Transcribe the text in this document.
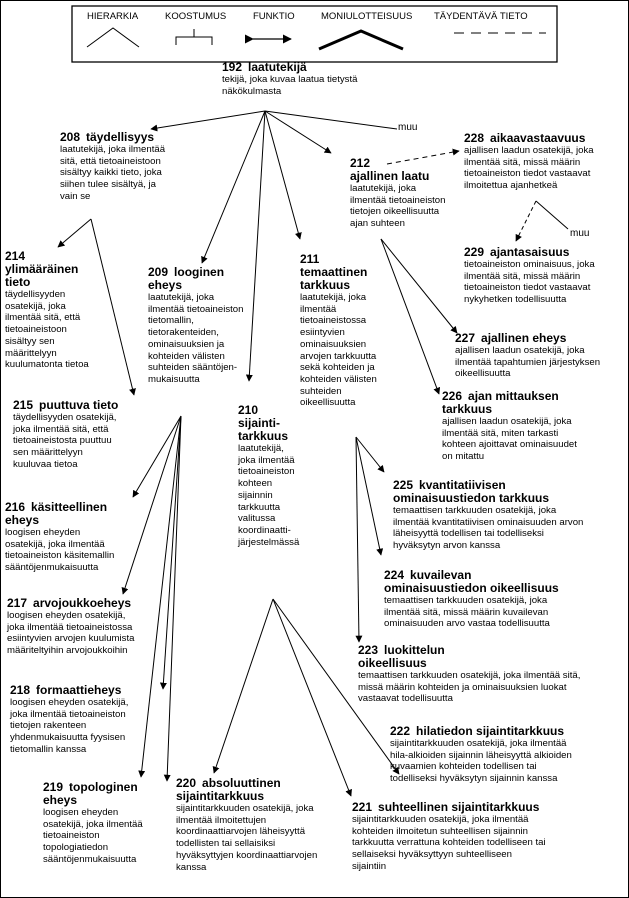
HIERARKIA	KOOSTUMUS	FUNKTIO	MONIULOTTEISUUS TÄYDENTÄVÄ TIETO
muu
muu
192 laatutekijä
tekijä, joka kuvaa laatua tietystä
näkökulmasta
208 täydellisyys
laatutekijä, joka ilmentää
sitä, että tietoaineistoon
sisältyy kaikki tieto, joka
siihen tulee sisältyä, ja
vain se
212
ajallinen laatu
laatutekijä, joka
ilmentää tietoaineiston
tietojen oikeellisuutta
ajan suhteen
228 aikaavastaavuus
ajallisen laadun osatekijä, joka
ilmentää sitä, missä määrin
tietoaineiston tiedot vastaavat
ilmoitettua ajanhetkeä
214
ylimääräinen
tieto
täydellisyyden
osatekijä, joka
ilmentää sitä, että
tietoaineistoon
sisältyy sen
määrittelyyn
kuulumatonta tietoa
209 looginen
eheys
laatutekijä, joka
ilmentää tietoaineiston
tietomallin,
tietorakenteiden,
ominaisuuksien ja
kohteiden välisten
suhteiden sääntöjen-
mukaisuutta
211
temaattinen
tarkkuus
laatutekijä, joka
ilmentää
tietoaineistossa
esiintyvien
ominaisuuksien
arvojen tarkkuutta
sekä kohteiden ja
kohteiden välisten
suhteiden
oikeellisuutta
229 ajantasaisuus
tietoaineiston ominaisuus, joka
ilmentää sitä, missä määrin
tietoaineiston tiedot vastaavat
nykyhetken todellisuutta
227 ajallinen eheys
ajallisen laadun osatekijä, joka
ilmentää tapahtumien järjestyksen
oikeellisuutta
215 puuttuva tieto
täydellisyyden osatekijä,
joka ilmentää sitä, että
tietoaineistosta puuttuu
sen määrittelyyn
kuuluvaa tietoa
226 ajan mittauksen
tarkkuus
ajallisen laadun osatekijä, joka
ilmentää sitä, miten tarkasti
kohteen ajoittavat ominaisuudet
on mitattu
210
sijainti-
tarkkuus
laatutekijä,
joka ilmentää
tietoaineiston
kohteen
sijainnin
tarkkuutta
valitussa
koordinaatti-
järjestelmässä
225 kvantitatiivisen
ominaisuustiedon tarkkuus
temaattisen tarkkuuden osatekijä, joka
ilmentää kvantitatiivisen ominaisuuden arvon
läheisyyttä todellisen tai todelliseksi
hyväksytyn arvon kanssa
216 käsitteellinen
eheys
loogisen eheyden
osatekijä, joka ilmentää
tietoaineiston käsitemallin
sääntöjenmukaisuutta
224 kuvailevan
ominaisuustiedon oikeellisuus
temaattisen tarkkuuden osatekijä, joka
ilmentää sitä, missä määrin kuvailevan
ominaisuuden arvo vastaa todellisuutta
217 arvojoukkoeheys
loogisen eheyden osatekijä,
joka ilmentää tietoaineistossa
esiintyvien arvojen kuulumista
määriteltyihin arvojoukkoihin	223 luokittelun
oikeellisuus
temaattisen tarkkuuden osatekijä, joka ilmentää sitä,
missä määrin kohteiden ja ominaisuuksien luokat
vastaavat todellisuutta
218 formaattieheys
loogisen eheyden osatekijä,
joka ilmentää tietoaineiston
tietojen rakenteen
yhdenmukaisuutta fyysisen
tietomallin kanssa
222 hilatiedon sijaintitarkkuus
sijaintitarkkuuden osatekijä, joka ilmentää
hila-alkioiden sijainnin läheisyyttä alkioiden
kuvaamien kohteiden todellisen tai
todelliseksi hyväksytyn sijainnin kanssa
219 topologinen
eheys
loogisen eheyden
osatekijä, joka ilmentää
tietoaineiston
topologiatiedon
sääntöjenmukaisuutta
220 absoluuttinen
sijaintitarkkuus
sijaintitarkkuuden osatekijä, joka
ilmentää ilmoitettujen
koordinaattiarvojen läheisyyttä
todellisten tai sellaisiksi
hyväksyttyjen koordinaattiarvojen
kanssa
221 suhteellinen sijaintitarkkuus
sijaintitarkkuuden osatekijä, joka ilmentää
kohteiden ilmoitetun suhteellisen sijainnin
tarkkuutta verrattuna kohteiden todelliseen tai
sellaiseksi hyväksyttyyn suhteelliseen
sijaintiin
